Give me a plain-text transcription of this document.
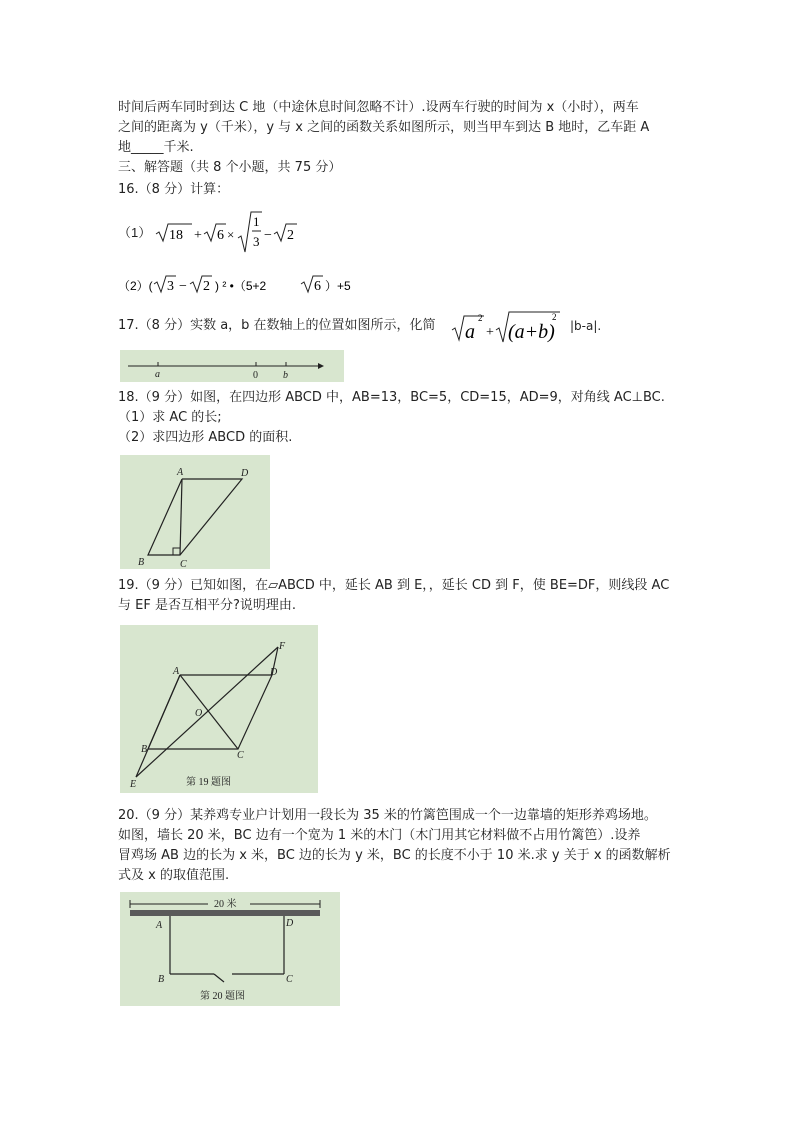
时间后两车同时到达 C 地（中途休息时间忽略不计）.设两车行驶的时间为 x（小时），两车
之间的距离为 y（千米），y 与 x 之间的函数关系如图所示，则当甲车到达 B 地时，乙车距 A
地_____千米.
三、解答题（共 8 个小题，共 75 分）
16.（8 分）计算：
（1） 18 + 6 ×
1
3 − 2
（2）( 3 − 2 ) ² •（5+2	6 ）+5
17.（8 分）实数 a，b 在数轴上的位置如图所示，化简 a
2
+ (a+b)
2
|b-a|.
a	0	b
18.（9 分）如图，在四边形 ABCD 中，AB=13，BC=5，CD=15，AD=9，对角线 AC⊥BC.
（1）求 AC 的长;
（2）求四边形 ABCD 的面积.
A	D
B	C
19.（9 分）已知如图，在▱ABCD 中，延长 AB 到 E，，延长 CD 到 F，使 BE=DF，则线段 AC
与 EF 是否互相平分?说明理由.
A	D
F
O
B
C
E	第 19 题图
20.（9 分）某养鸡专业户计划用一段长为 35 米的竹篱笆围成一个一边靠墙的矩形养鸡场地。
如图，墙长 20 米，BC 边有一个宽为 1 米的木门（木门用其它材料做不占用竹篱笆）.设养
冒鸡场 AB 边的长为 x 米，BC 边的长为 y 米，BC 的长度不小于 10 米.求 y 关于 x 的函数解析
式及 x 的取值范围.
20 米
A	D
B	C
第 20 题图
